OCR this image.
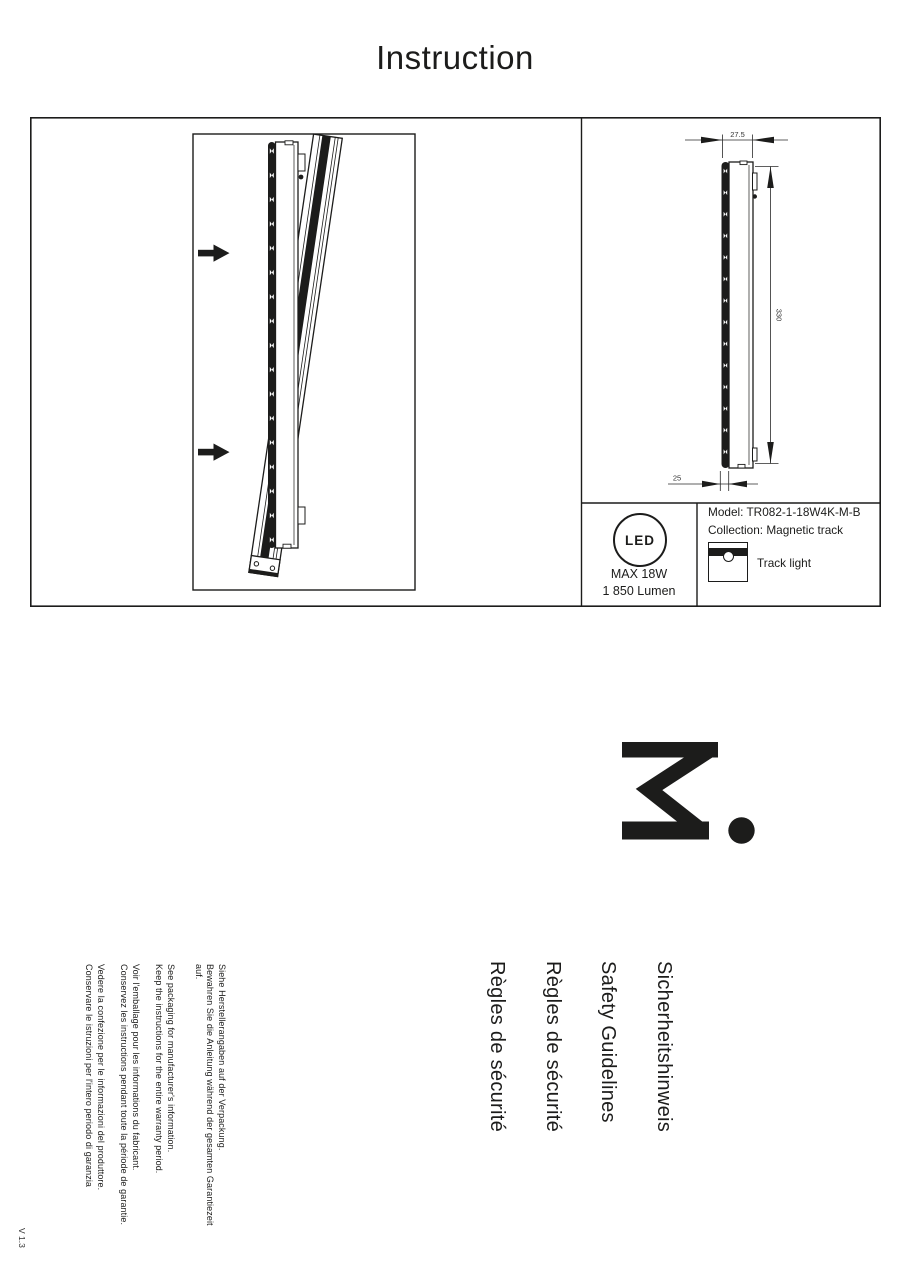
Instruction
27.5
330
25
LED
MAX 18W
1 850 Lumen
Model: TR082-1-18W4K-M-B
Collection: Magnetic track
Track light
Sicherheitshinweis
Safety Guidelines
Règles de sécurité
Règles de sécurité
Siehe Herstellerangaben auf der Verpackung.
Bewahren Sie die Anleitung während der gesamten Garantiezeit
auf.
See packaging for manufacturer's information.
Keep the instructions for the entire warranty period.
Voir l'emballage pour les informations du fabricant.
Conservez les instructions pendant toute la période de garantie.
Vedere la confezione per le informazioni del produttore.
Conservare le istruzioni per l'intero periodo di garanzia
V 1.3
